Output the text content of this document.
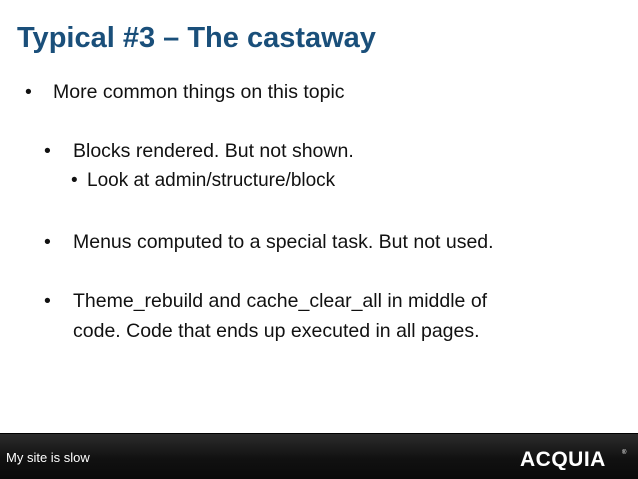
Typical #3 – The castaway
• More common things on this topic
• Blocks rendered. But not shown.
• Look at admin/structure/block
• Menus computed to a special task. But not used.
• Theme_rebuild and cache_clear_all in middle of
code. Code that ends up executed in all pages.
My site is slow	ACQUIA	®
